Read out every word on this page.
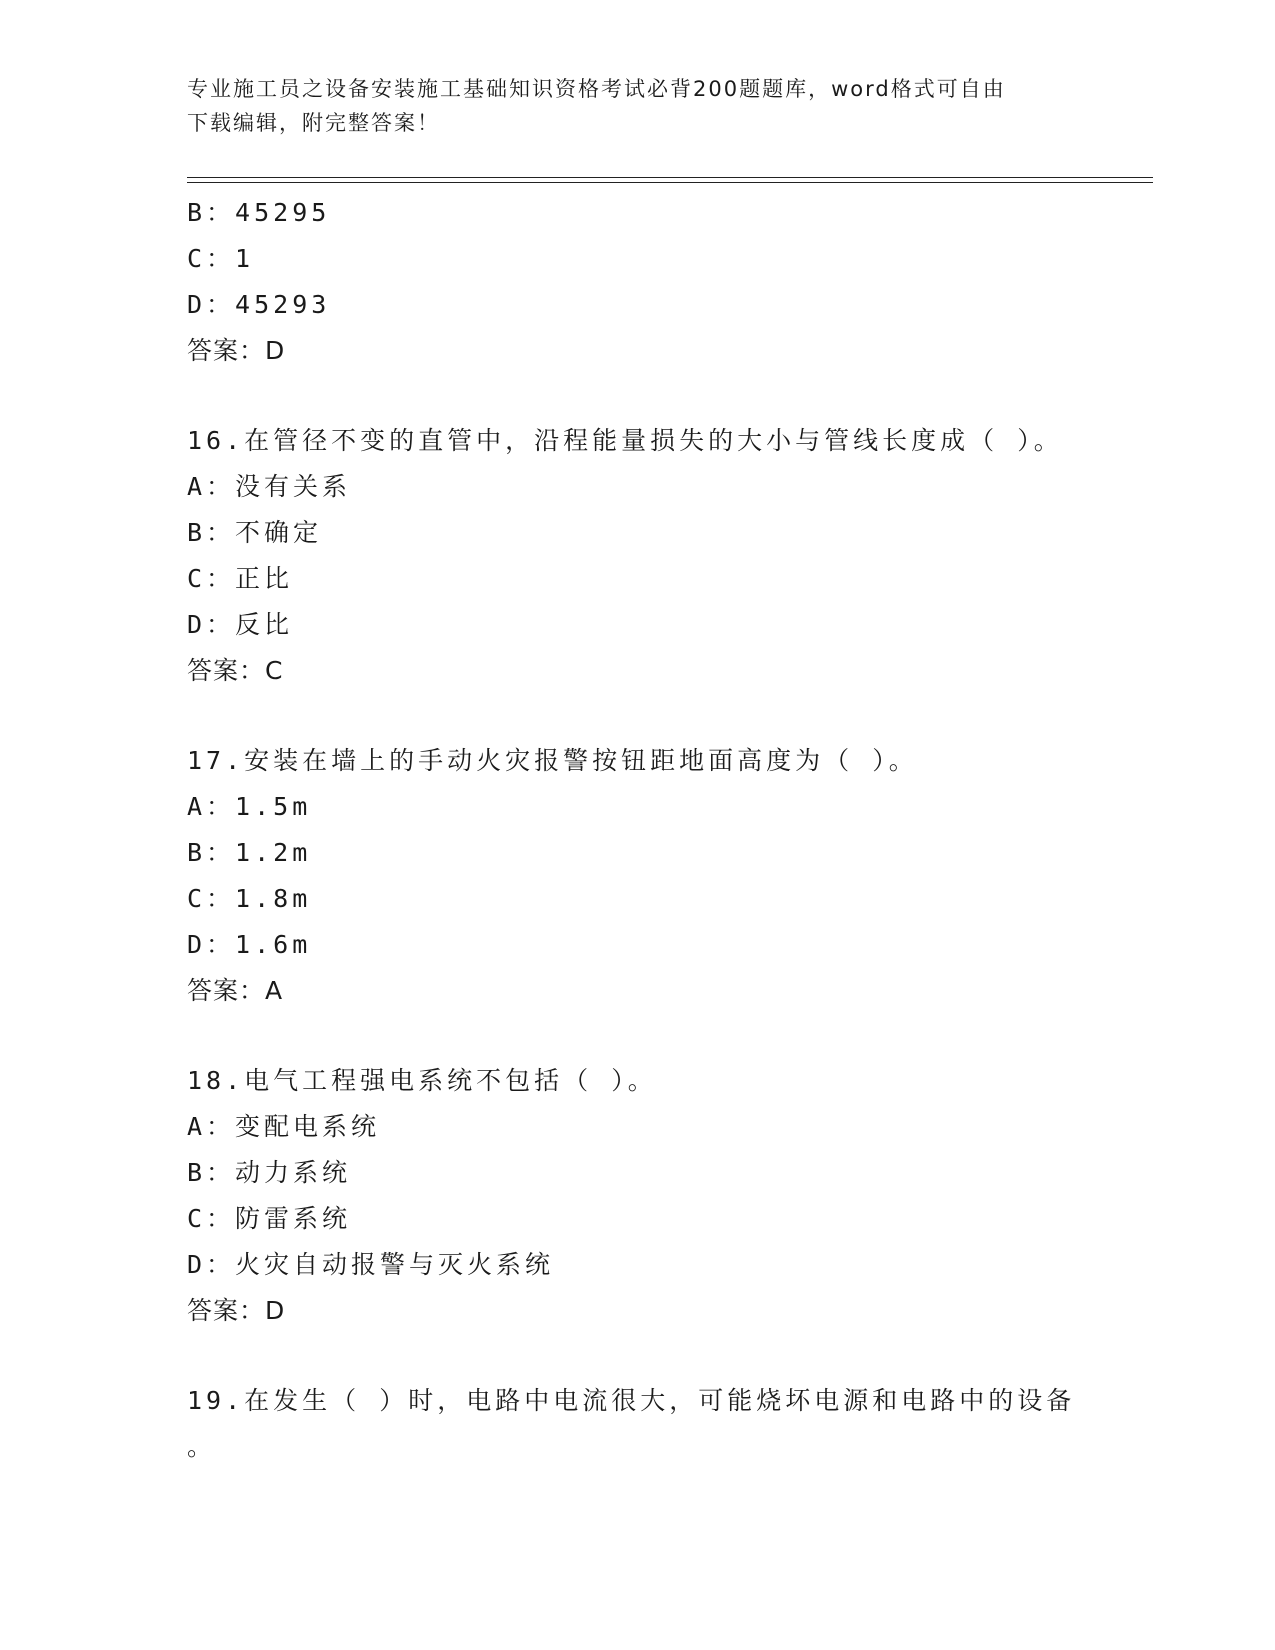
专业施工员之设备安装施工基础知识资格考试必背200题题库，word格式可自由
下载编辑，附完整答案！
B：45295
C：1
D：45293
答案：D
16.在管径不变的直管中，沿程能量损失的大小与管线长度成（ ）。
A：没有关系
B：不确定
C：正比
D：反比
答案：C
17.安装在墙上的手动火灾报警按钮距地面高度为（ ）。
A：1.5m
B：1.2m
C：1.8m
D：1.6m
答案：A
18.电气工程强电系统不包括（ ）。
A：变配电系统
B：动力系统
C：防雷系统
D：火灾自动报警与灭火系统
答案：D
19.在发生（ ）时，电路中电流很大，可能烧坏电源和电路中的设备
。
